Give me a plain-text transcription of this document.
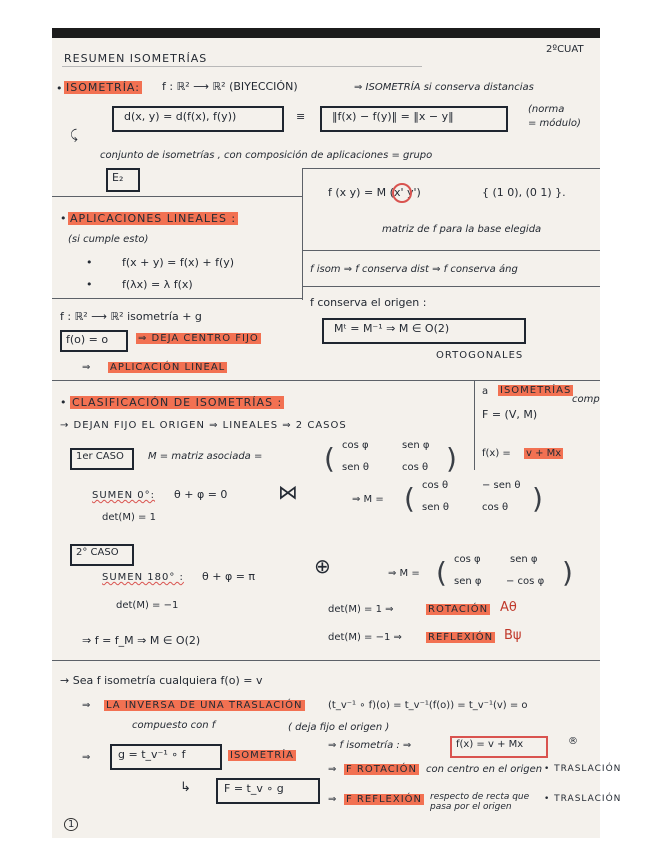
RESUMEN ISOMETRÍAS
2ºCUAT
• ISOMETRÍA: f : ℝ² ⟶ ℝ² (BIYECCIÓN)	⇒ ISOMETRÍA si conserva distancias
d(x, y) = d(f(x), f(y))	≡ ‖f(x) − f(y)‖ = ‖x − y‖
(norma
= módulo)
⤹
conjunto de isometrías , con composición de aplicaciones = grupo
E₂
f (x y) = M (x' y')	{ (1 0), (0 1) }.
matriz de f para la base elegida
• APLICACIONES LINEALES :
(si cumple esto)
•	f(x + y) = f(x) + f(y)
•	f(λx) = λ f(x)
f isom ⇒ f conserva dist ⇒ f conserva áng
f : ℝ² ⟶ ℝ² isometría + g
f(o) = o	⇒ DEJA CENTRO FIJO
⇒ APLICACIÓN LINEAL
f conserva el origen :
Mᵗ = M⁻¹ ⇒ M ∈ O(2)
ORTOGONALES
• CLASIFICACIÓN DE ISOMETRÍAS :
→ DEJAN FIJO EL ORIGEN ⇒ LINEALES ⇒ 2 CASOS
1er CASO M = matriz asociada = ( cos φ	sen φ
sen θ	cos θ )
SUMEN 0°: θ + φ = 0	⋈	⇒ M = ( cos θ	− sen θ
sen θ	cos θ )
det(M) = 1
2° CASO
SUMEN 180° : θ + φ = π	⊕	⇒ M = ( cos φ	sen φ
sen φ − cos φ )
det(M) = −1	det(M) = 1 ⇒	ROTACIÓN Aθ
⇒ f = f_M ⇒ M ∈ O(2)	det(M) = −1 ⇒	REFLEXIÓN Bψ
a ISOMETRÍAS
comp
F = (V, M)
f(x) = v + Mx
→ Sea f isometría cualquiera f(o) = v
⇒ LA INVERSA DE UNA TRASLACIÓN	(t_v⁻¹ ∘ f)(o) = t_v⁻¹(f(o)) = t_v⁻¹(v) = o
compuesto con f	( deja fijo el origen )
⇒	g = t_v⁻¹ ∘ f	ISOMETRÍA
↳	F = t_v ∘ g
⇒ f isometría : ⇒	f(x) = v + Mx	®
⇒ F ROTACIÓN con centro en el origen • TRASLACIÓN
⇒ F REFLEXIÓN respecto de recta que pasa por el origen
• TRASLACIÓN
1
